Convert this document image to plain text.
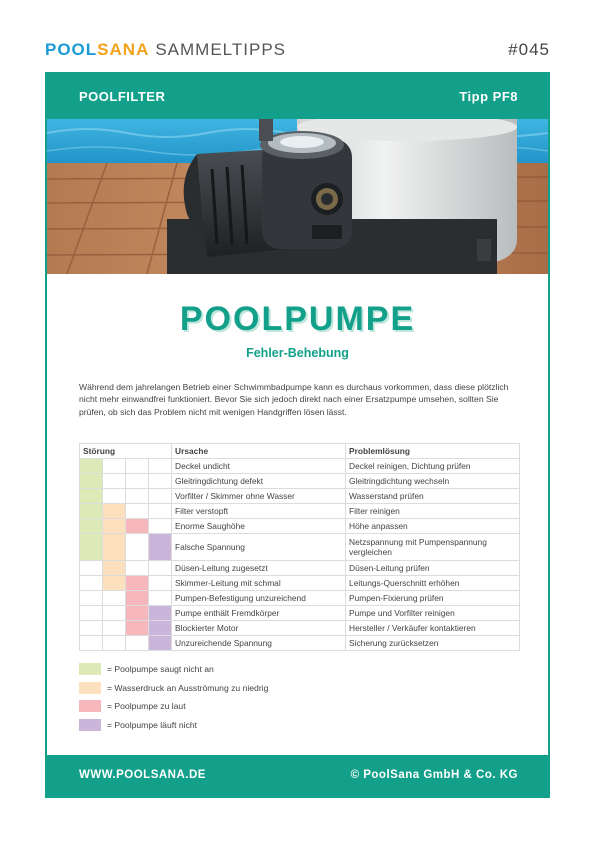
POOLSANA SAMMELTIPPS	#045
POOLFILTER	Tipp PF8
POOLPUMPE
Fehler-Behebung

Während dem jahrelangen Betrieb einer Schwimmbadpumpe kann es durchaus vorkommen, dass diese plötzlich nicht mehr einwandfrei funktioniert. Bevor Sie sich jedoch direkt nach einer Ersatzpumpe umsehen, sollten Sie prüfen, ob sich das Problem nicht mit wenigen Handgriffen lösen lässt.

Störung				Ursache	Problemlösung
				Deckel undicht	Deckel reinigen, Dichtung prüfen
				Gleitringdichtung defekt	Gleitringdichtung wechseln
				Vorfilter / Skimmer ohne Wasser	Wasserstand prüfen
				Filter verstopft	Filter reinigen
				Enorme Saughöhe	Höhe anpassen
				Falsche Spannung	Netzspannung mit Pumpenspannung vergleichen
				Düsen-Leitung zugesetzt	Düsen-Leitung prüfen
				Skimmer-Leitung mit schmal	Leitungs-Querschnitt erhöhen
				Pumpen-Befestigung unzureichend	Pumpen-Fixierung prüfen
				Pumpe enthält Fremdkörper	Pumpe und Vorfilter reinigen
				Blockierter Motor	Hersteller / Verkäufer kontaktieren
				Unzureichende Spannung	Sicherung zurücksetzen
= Poolpumpe saugt nicht an
= Wasserdruck an Ausströmung zu niedrig
= Poolpumpe zu laut
= Poolpumpe läuft nicht
WWW.POOLSANA.DE	© PoolSana GmbH & Co. KG
